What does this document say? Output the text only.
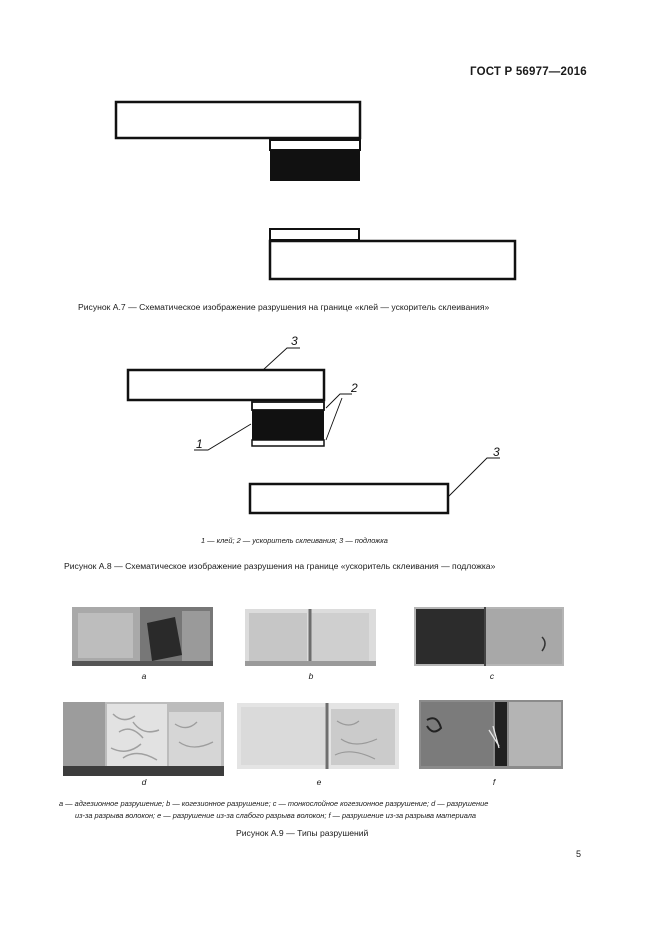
ГОСТ Р 56977—2016
Рисунок А.7 — Схематическое изображение разрушения на границе «клей — ускоритель склеивания»
3
2
1
3
1 — клей; 2 — ускоритель склеивания; 3 — подложка
Рисунок А.8 — Схематическое изображение разрушения на границе «ускоритель склеивания — подложка»
a	b	c
d	e	f
a — адгезионное разрушение; b — когезионное разрушение; c — тонкослойное когезионное разрушение; d — разрушение
из-за разрыва волокон; e — разрушение из-за слабого разрыва волокон; f — разрушение из-за разрыва материала
Рисунок А.9 — Типы разрушений
5
